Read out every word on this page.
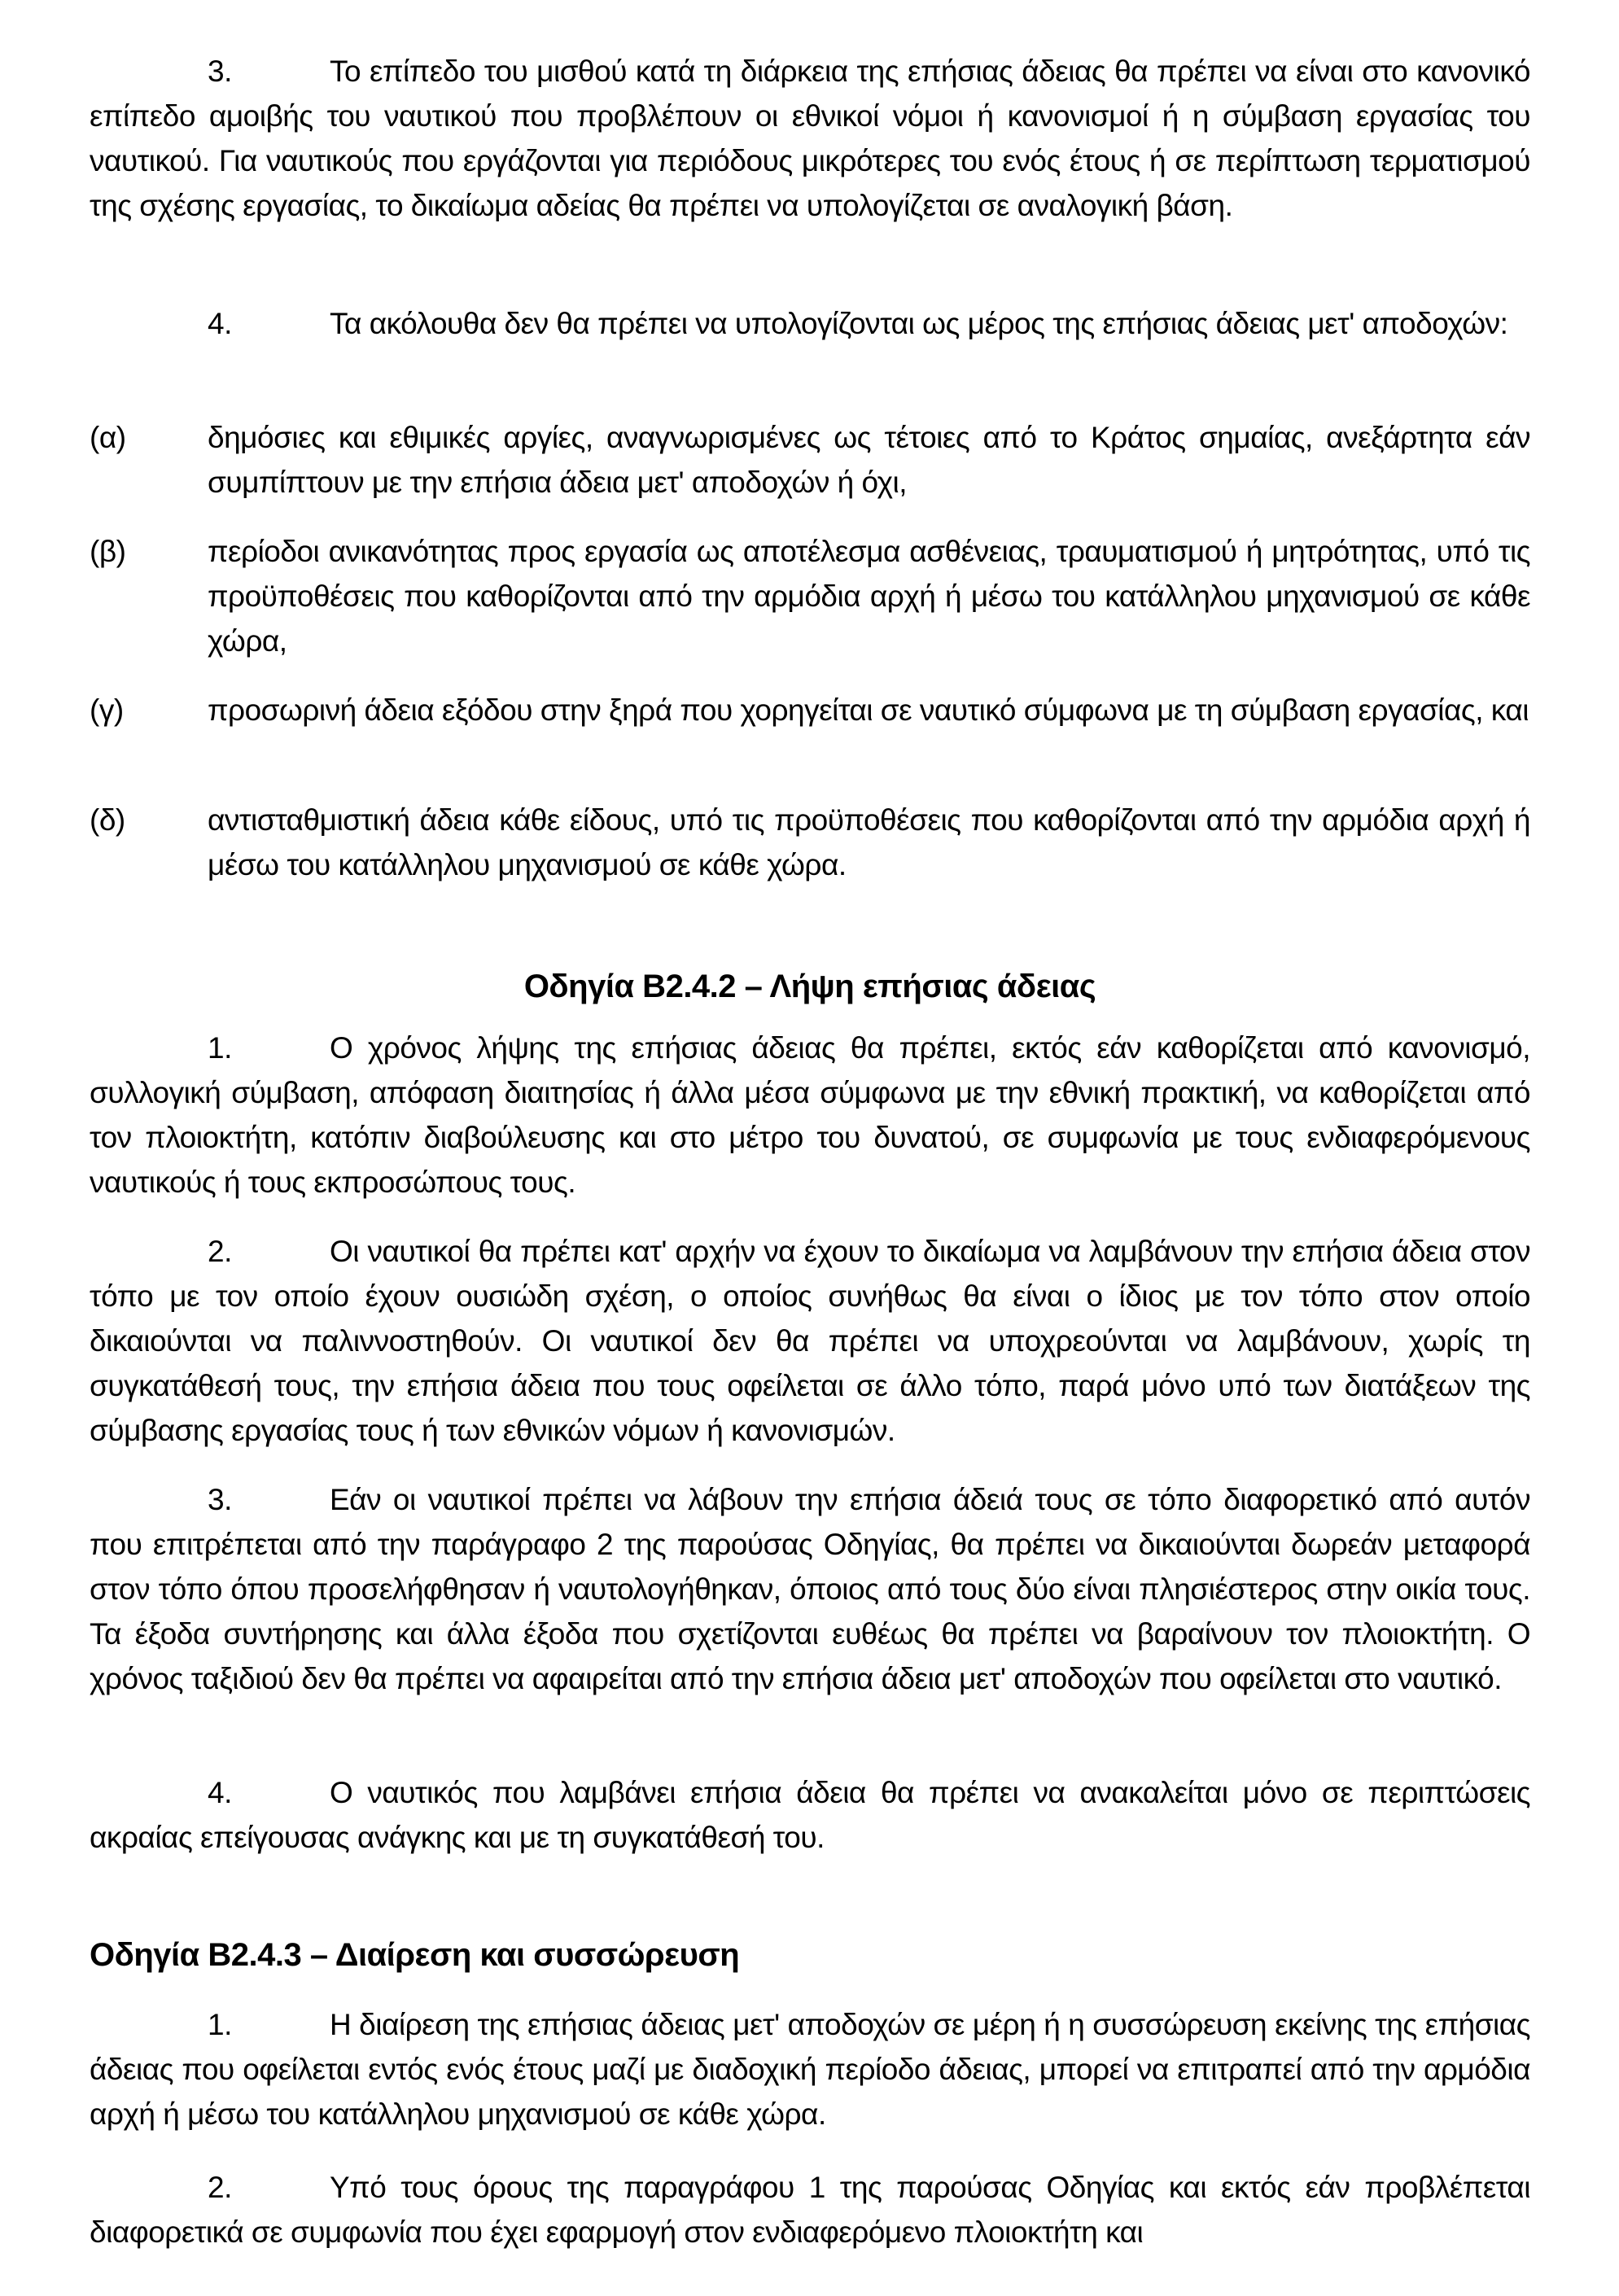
3.	Το επίπεδο του μισθού κατά τη διάρκεια της επήσιας άδειας θα πρέπει να είναι στο κανονικό επίπεδο αμοιβής του ναυτικού που προβλέπουν οι εθνικοί νόμοι ή κανονισμοί ή η σύμβαση εργασίας του ναυτικού. Για ναυτικούς που εργάζονται για περιόδους μικρότερες του ενός έτους ή σε περίπτωση τερματισμού της σχέσης εργασίας, το δικαίωμα αδείας θα πρέπει να υπολογίζεται σε αναλογική βάση.

4.	Τα ακόλουθα δεν θα πρέπει να υπολογίζονται ως μέρος της επήσιας άδειας μετ' αποδοχών:

(α)	δημόσιες και εθιμικές αργίες, αναγνωρισμένες ως τέτοιες από το Κράτος σημαίας, ανεξάρτητα εάν συμπίπτουν με την επήσια άδεια μετ' αποδοχών ή όχι,
(β)	περίοδοι ανικανότητας προς εργασία ως αποτέλεσμα ασθένειας, τραυματισμού ή μητρότητας, υπό τις προϋποθέσεις που καθορίζονται από την αρμόδια αρχή ή μέσω του κατάλληλου μηχανισμού σε κάθε χώρα,
(γ)	προσωρινή άδεια εξόδου στην ξηρά που χορηγείται σε ναυτικό σύμφωνα με τη σύμβαση εργασίας, και
(δ)	αντισταθμιστική άδεια κάθε είδους, υπό τις προϋποθέσεις που καθορίζονται από την αρμόδια αρχή ή μέσω του κατάλληλου μηχανισμού σε κάθε χώρα.
Οδηγία Β2.4.2 – Λήψη επήσιας άδειας

1.	Ο χρόνος λήψης της επήσιας άδειας θα πρέπει, εκτός εάν καθορίζεται από κανονισμό, συλλογική σύμβαση, απόφαση διαιτησίας ή άλλα μέσα σύμφωνα με την εθνική πρακτική, να καθορίζεται από τον πλοιοκτήτη, κατόπιν διαβούλευσης και στο μέτρο του δυνατού, σε συμφωνία με τους ενδιαφερόμενους ναυτικούς ή τους εκπροσώπους τους.

2.	Οι ναυτικοί θα πρέπει κατ' αρχήν να έχουν το δικαίωμα να λαμβάνουν την επήσια άδεια στον τόπο με τον οποίο έχουν ουσιώδη σχέση, ο οποίος συνήθως θα είναι ο ίδιος με τον τόπο στον οποίο δικαιούνται να παλιννοστηθούν. Οι ναυτικοί δεν θα πρέπει να υποχρεούνται να λαμβάνουν, χωρίς τη συγκατάθεσή τους, την επήσια άδεια που τους οφείλεται σε άλλο τόπο, παρά μόνο υπό των διατάξεων της σύμβασης εργασίας τους ή των εθνικών νόμων ή κανονισμών.

3.	Εάν οι ναυτικοί πρέπει να λάβουν την επήσια άδειά τους σε τόπο διαφορετικό από αυτόν που επιτρέπεται από την παράγραφο 2 της παρούσας Οδηγίας, θα πρέπει να δικαιούνται δωρεάν μεταφορά στον τόπο όπου προσελήφθησαν ή ναυτολογήθηκαν, όποιος από τους δύο είναι πλησιέστερος στην οικία τους. Τα έξοδα συντήρησης και άλλα έξοδα που σχετίζονται ευθέως θα πρέπει να βαραίνουν τον πλοιοκτήτη. Ο χρόνος ταξιδιού δεν θα πρέπει να αφαιρείται από την επήσια άδεια μετ' αποδοχών που οφείλεται στο ναυτικό.

4.	Ο ναυτικός που λαμβάνει επήσια άδεια θα πρέπει να ανακαλείται μόνο σε περιπτώσεις ακραίας επείγουσας ανάγκης και με τη συγκατάθεσή του.

Οδηγία Β2.4.3 – Διαίρεση και συσσώρευση

1.	Η διαίρεση της επήσιας άδειας μετ' αποδοχών σε μέρη ή η συσσώρευση εκείνης της επήσιας άδειας που οφείλεται εντός ενός έτους μαζί με διαδοχική περίοδο άδειας, μπορεί να επιτραπεί από την αρμόδια αρχή ή μέσω του κατάλληλου μηχανισμού σε κάθε χώρα.

2.	Υπό τους όρους της παραγράφου 1 της παρούσας Οδηγίας και εκτός εάν προβλέπεται διαφορετικά σε συμφωνία που έχει εφαρμογή στον ενδιαφερόμενο πλοιοκτήτη και
